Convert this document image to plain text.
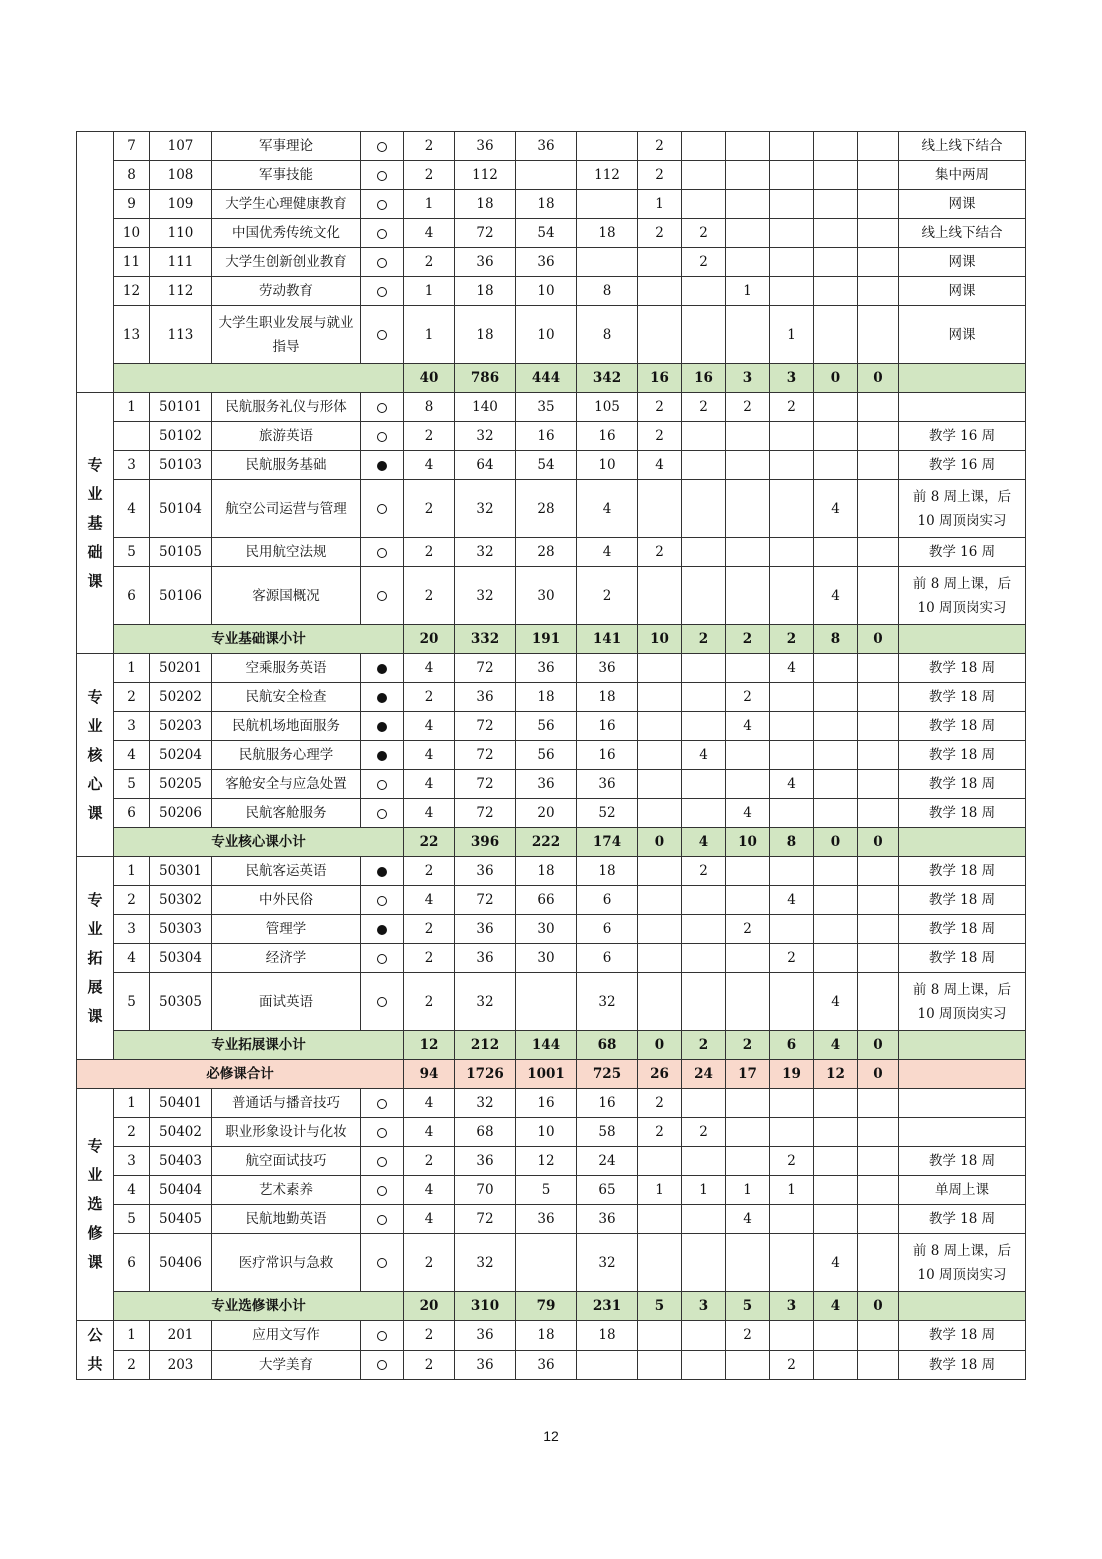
	7	107	军事理论		2	36	36		2						线上线下结合
	8	108	军事技能		2	112		112	2						集中两周
	9	109	大学生心理健康教育		1	18	18		1						网课
	10	110	中国优秀传统文化		4	72	54	18	2	2					线上线下结合
	11	111	大学生创新创业教育		2	36	36			2					网课
	12	112	劳动教育		1	18	10	8			1				网课
	13	113	大学生职业发展与就业指导		1	18	10	8				1			网课
					40	786	444	342	16	16	3	3	0	0	

专
业
基
础
课	1	50101	民航服务礼仪与形体		8	140	35	105	2	2	2	2			
		50102	旅游英语		2	32	16	16	2						教学 16 周
	3	50103	民航服务基础		4	64	54	10	4						教学 16 周
	4	50104	航空公司运营与管理		2	32	28	4					4		前 8 周上课，后 10 周顶岗实习
	5	50105	民用航空法规		2	32	28	4	2						教学 16 周
	6	50106	客源国概况		2	32	30	2					4		前 8 周上课，后 10 周顶岗实习
	专业基础课小计				20	332	191	141	10	2	2	2	8	0	

专
业
核
心
课	1	50201	空乘服务英语		4	72	36	36				4			教学 18 周
	2	50202	民航安全检查		2	36	18	18			2				教学 18 周
	3	50203	民航机场地面服务		4	72	56	16			4				教学 18 周
	4	50204	民航服务心理学		4	72	56	16		4					教学 18 周
	5	50205	客舱安全与应急处置		4	72	36	36				4			教学 18 周
	6	50206	民航客舱服务		4	72	20	52			4				教学 18 周
	专业核心课小计				22	396	222	174	0	4	10	8	0	0	

专
业
拓
展
课	1	50301	民航客运英语		2	36	18	18		2					教学 18 周
	2	50302	中外民俗		4	72	66	6				4			教学 18 周
	3	50303	管理学		2	36	30	6			2				教学 18 周
	4	50304	经济学		2	36	30	6				2			教学 18 周
	5	50305	面试英语		2	32		32					4		前 8 周上课，后 10 周顶岗实习
	专业拓展课小计				12	212	144	68	0	2	2	6	4	0	
必修课合计					94	1726	1001	725	26	24	17	19	12	0	

专
业
选
修
课	1	50401	普通话与播音技巧		4	32	16	16	2						
	2	50402	职业形象设计与化妆		4	68	10	58	2	2					
	3	50403	航空面试技巧		2	36	12	24				2			教学 18 周
	4	50404	艺术素养		4	70	5	65	1	1	1	1			单周上课
	5	50405	民航地勤英语		4	72	36	36			4				教学 18 周
	6	50406	医疗常识与急救		2	32		32					4		前 8 周上课，后 10 周顶岗实习
	专业选修课小计				20	310	79	231	5	3	5	3	4	0	

公
共	1	201	应用文写作		2	36	18	18			2				教学 18 周
	2	203	大学美育		2	36	36					2			教学 18 周
12
